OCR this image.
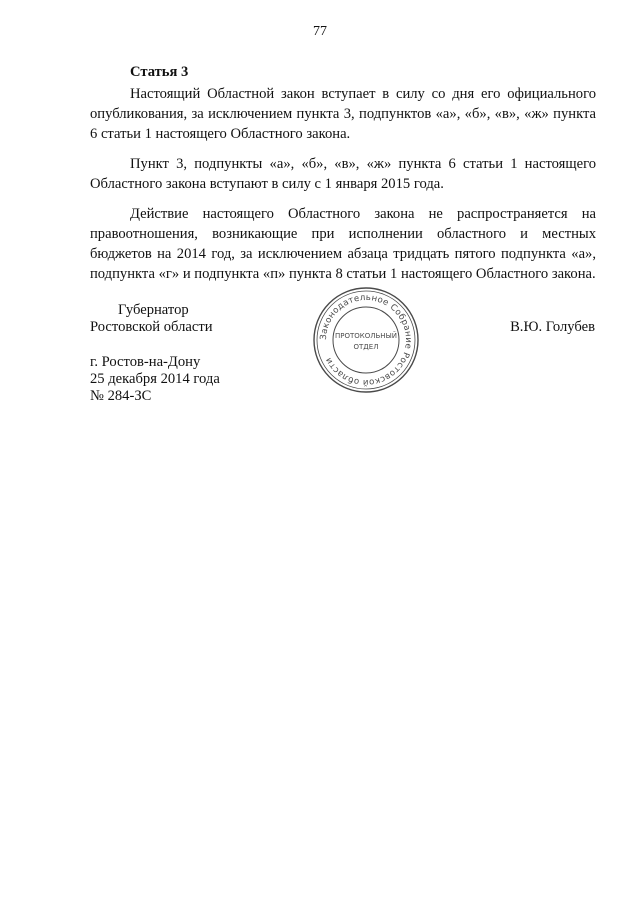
77
Статья 3

Настоящий Областной закон вступает в силу со дня его официального опубликования, за исключением пункта 3, подпунктов «а», «б», «в», «ж» пункта 6 статьи 1 настоящего Областного закона.

Пункт 3, подпункты «а», «б», «в», «ж» пункта 6 статьи 1 настоящего Областного закона вступают в силу с 1 января 2015 года.

Действие настоящего Областного закона не распространяется на правоотношения, возникающие при исполнении областного и местных бюджетов на 2014 год, за исключением абзаца тридцать пятого подпункта «а», подпункта «г» и подпункта «п» пункта 8 статьи 1 настоящего Областного закона.

Губернатор
Ростовской области
г. Ростов-на-Дону
25 декабря 2014 года
№ 284-ЗС
В.Ю. Голубев
Законодательное Собрание Ростовской области
ПРОТОКОЛЬНЫЙ
ОТДЕЛ
